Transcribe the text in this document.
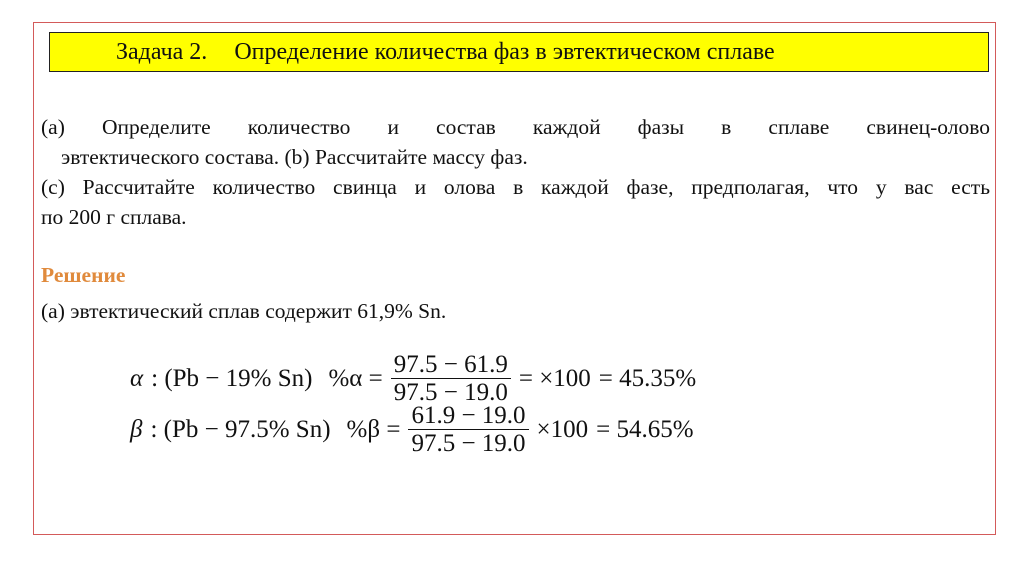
Задача 2. Определение количества фаз в эвтектическом сплаве
(a) Определите количество и состав каждой фазы в сплаве свинец-олово
эвтектического состава. (b) Рассчитайте массу фаз.
(c) Рассчитайте количество свинца и олова в каждой фазе, предполагая, что у вас есть
по 200 г сплава.
Решение
(a) эвтектический сплав содержит 61,9% Sn.
α : (Pb − 19% Sn) $\%\alpha = \frac{97.5 - 61.9}{97.5 - 19.0} = \times 100 = 45.35\%$
β : (Pb − 97.5% Sn) $\%\beta = \frac{61.9 - 19.0}{97.5 - 19.0} \times 100 = 54.65\%$
